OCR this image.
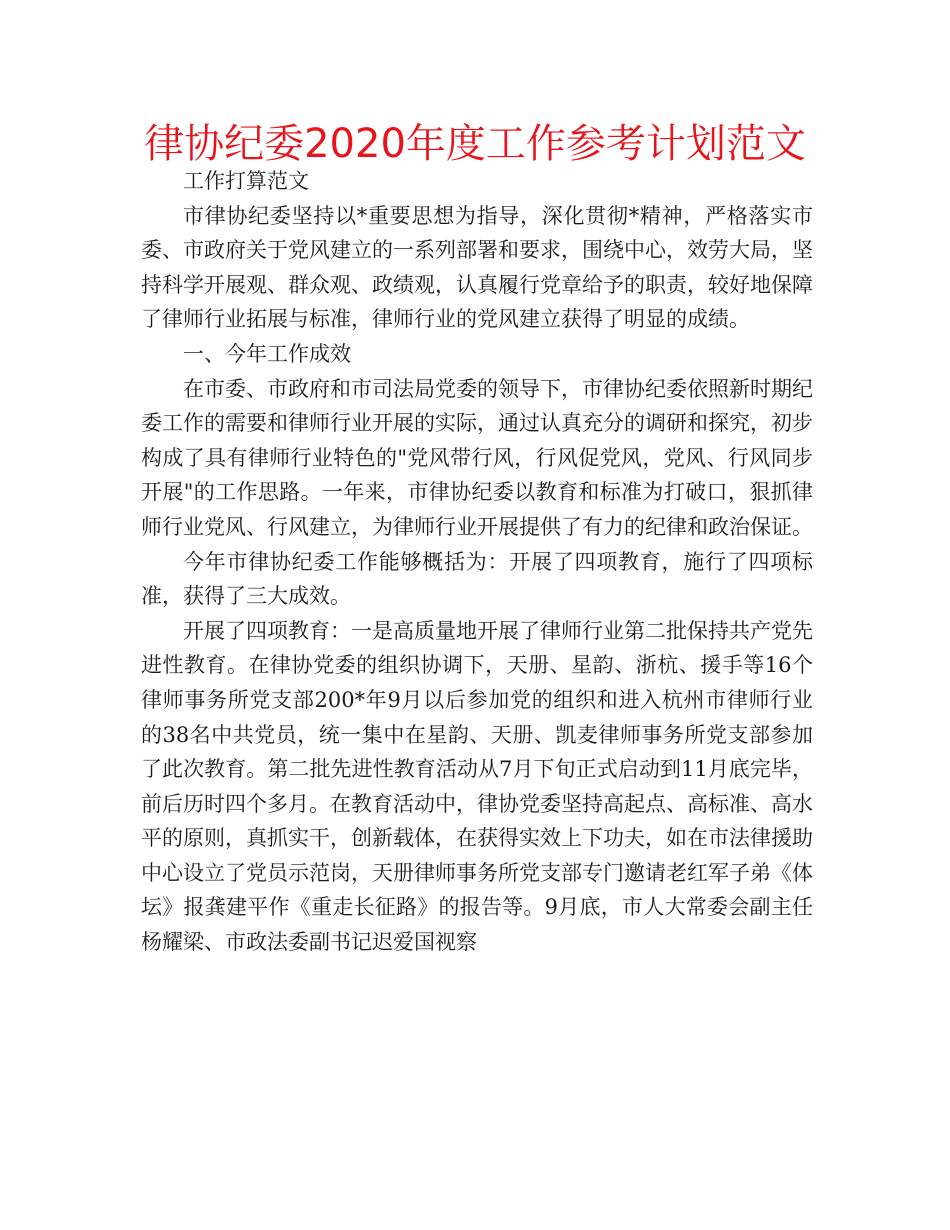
律协纪委2020年度工作参考计划范文

工作打算范文

市律协纪委坚持以*重要思想为指导，深化贯彻*精神，严格落实市委、市政府关于党风建立的一系列部署和要求，围绕中心，效劳大局，坚持科学开展观、群众观、政绩观，认真履行党章给予的职责，较好地保障了律师行业拓展与标准，律师行业的党风建立获得了明显的成绩。

一、今年工作成效

在市委、市政府和市司法局党委的领导下，市律协纪委依照新时期纪委工作的需要和律师行业开展的实际，通过认真充分的调研和探究，初步构成了具有律师行业特色的"党风带行风，行风促党风，党风、行风同步开展"的工作思路。一年来，市律协纪委以教育和标准为打破口，狠抓律师行业党风、行风建立，为律师行业开展提供了有力的纪律和政治保证。

今年市律协纪委工作能够概括为：开展了四项教育，施行了四项标准，获得了三大成效。

开展了四项教育：一是高质量地开展了律师行业第二批保持共产党先进性教育。在律协党委的组织协调下，天册、星韵、浙杭、援手等16个律师事务所党支部200*年9月以后参加党的组织和进入杭州市律师行业的38名中共党员，统一集中在星韵、天册、凯麦律师事务所党支部参加了此次教育。第二批先进性教育活动从7月下旬正式启动到11月底完毕，前后历时四个多月。在教育活动中，律协党委坚持高起点、高标准、高水平的原则，真抓实干，创新载体，在获得实效上下功夫，如在市法律援助中心设立了党员示范岗，天册律师事务所党支部专门邀请老红军子弟《体坛》报龚建平作《重走长征路》的报告等。9月底，市人大常委会副主任杨耀梁、市政法委副书记迟爱国视察
